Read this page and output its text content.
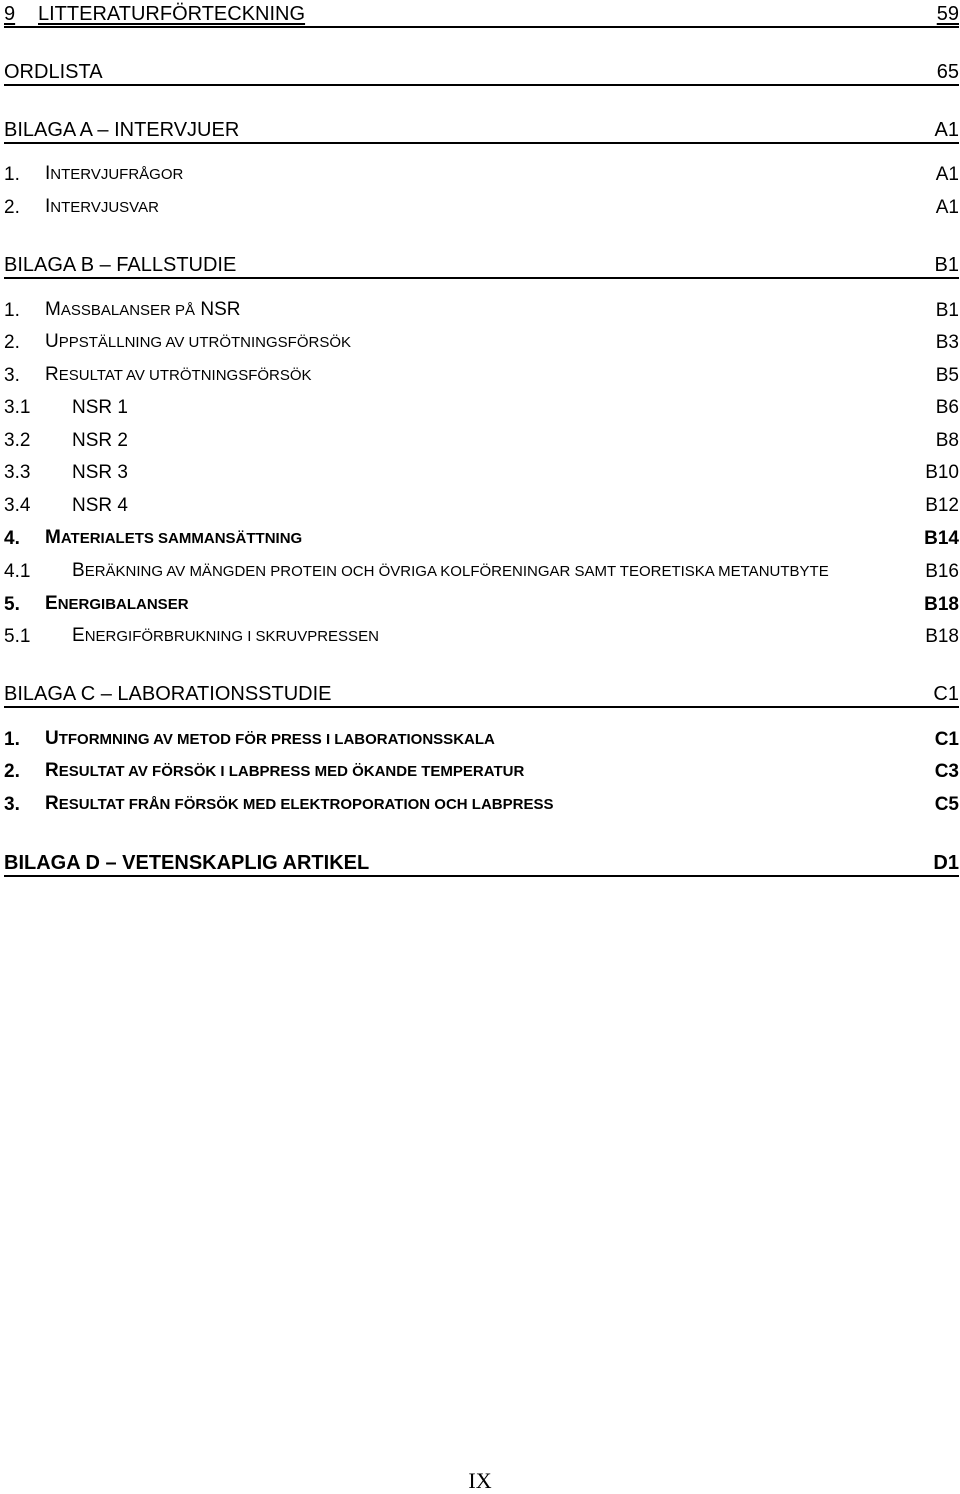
9	LITTERATURFÖRTECKNING	59
ORDLISTA	65
BILAGA A – INTERVJUER	A1
1.	INTERVJUFRÅGOR	A1
2.	INTERVJUSVAR	A1
BILAGA B – FALLSTUDIE	B1
1.	MASSBALANSER PÅ NSR	B1
2.	UPPSTÄLLNING AV UTRÖTNINGSFÖRSÖK	B3
3.	RESULTAT AV UTRÖTNINGSFÖRSÖK	B5
3.1	NSR 1	B6
3.2	NSR 2	B8
3.3	NSR 3	B10
3.4	NSR 4	B12
4.	MATERIALETS SAMMANSÄTTNING	B14
4.1	BERÄKNING AV MÄNGDEN PROTEIN OCH ÖVRIGA KOLFÖRENINGAR SAMT TEORETISKA METANUTBYTE	B16
5.	ENERGIBALANSER	B18
5.1	ENERGIFÖRBRUKNING I SKRUVPRESSEN	B18
BILAGA C – LABORATIONSSTUDIE	C1
1.	UTFORMNING AV METOD FÖR PRESS I LABORATIONSSKALA	C1
2.	RESULTAT AV FÖRSÖK I LABPRESS MED ÖKANDE TEMPERATUR	C3
3.	RESULTAT FRÅN FÖRSÖK MED ELEKTROPORATION OCH LABPRESS	C5
BILAGA D – VETENSKAPLIG ARTIKEL	D1
IX
